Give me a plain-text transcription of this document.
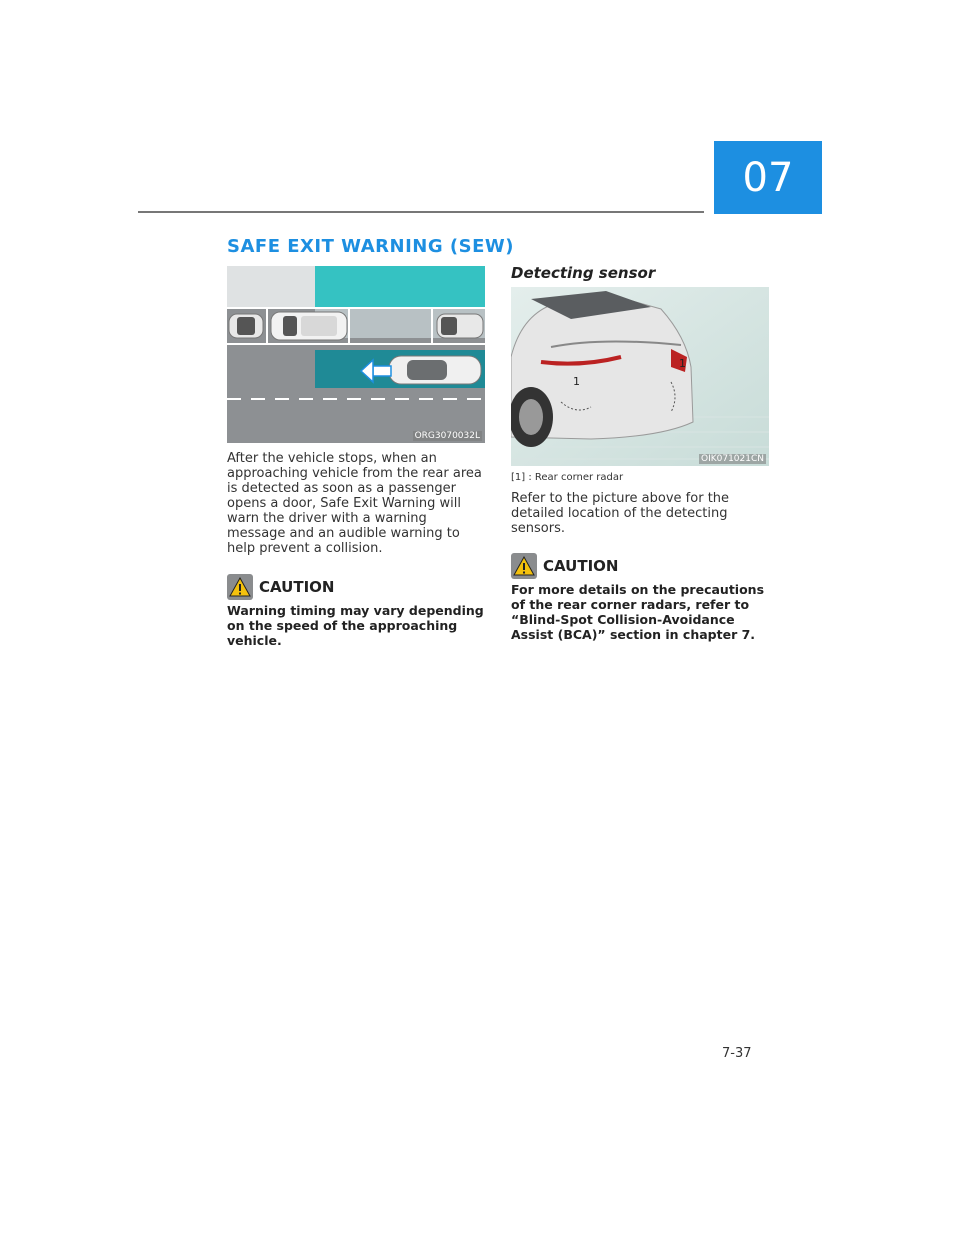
07
SAFE EXIT WARNING (SEW)
ORG3070032L

After the vehicle stops, when an approaching vehicle from the rear area is detected as soon as a passenger opens a door, Safe Exit Warning will warn the driver with a warning message and an audible warning to help prevent a collision.

CAUTION

Warning timing may vary depending on the speed of the approaching vehicle.

Detecting sensor
1
1
OIK071021CN
[1] : Rear corner radar

Refer to the picture above for the detailed location of the detecting sensors.

CAUTION

For more details on the precautions of the rear corner radars, refer to “Blind-Spot Collision-Avoidance Assist (BCA)” section in chapter 7.

7-37
